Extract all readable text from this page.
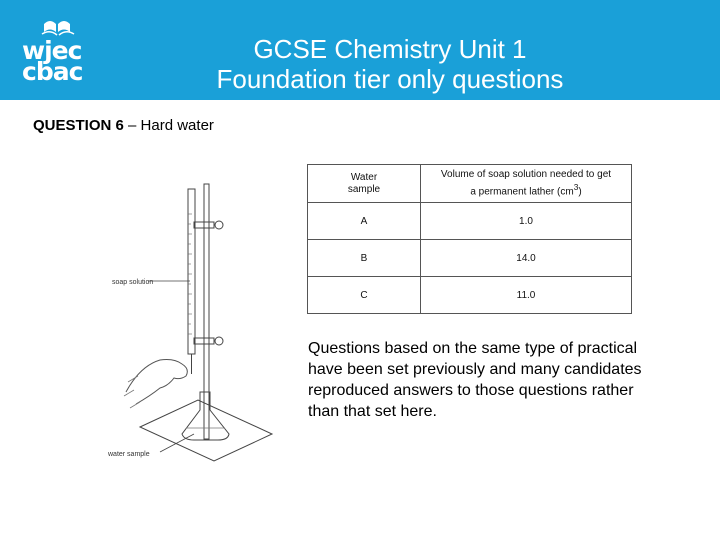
wjec
cbac
GCSE Chemistry Unit 1
Foundation tier only questions
QUESTION 6 – Hard water
soap solution
water sample
Water
sample	Volume of soap solution needed to get
a permanent lather $(cm^3)$
A	1.0
B	14.0
C	11.0
Questions based on the same type of practical have been set previously and many candidates reproduced answers to those questions rather than that set here.
